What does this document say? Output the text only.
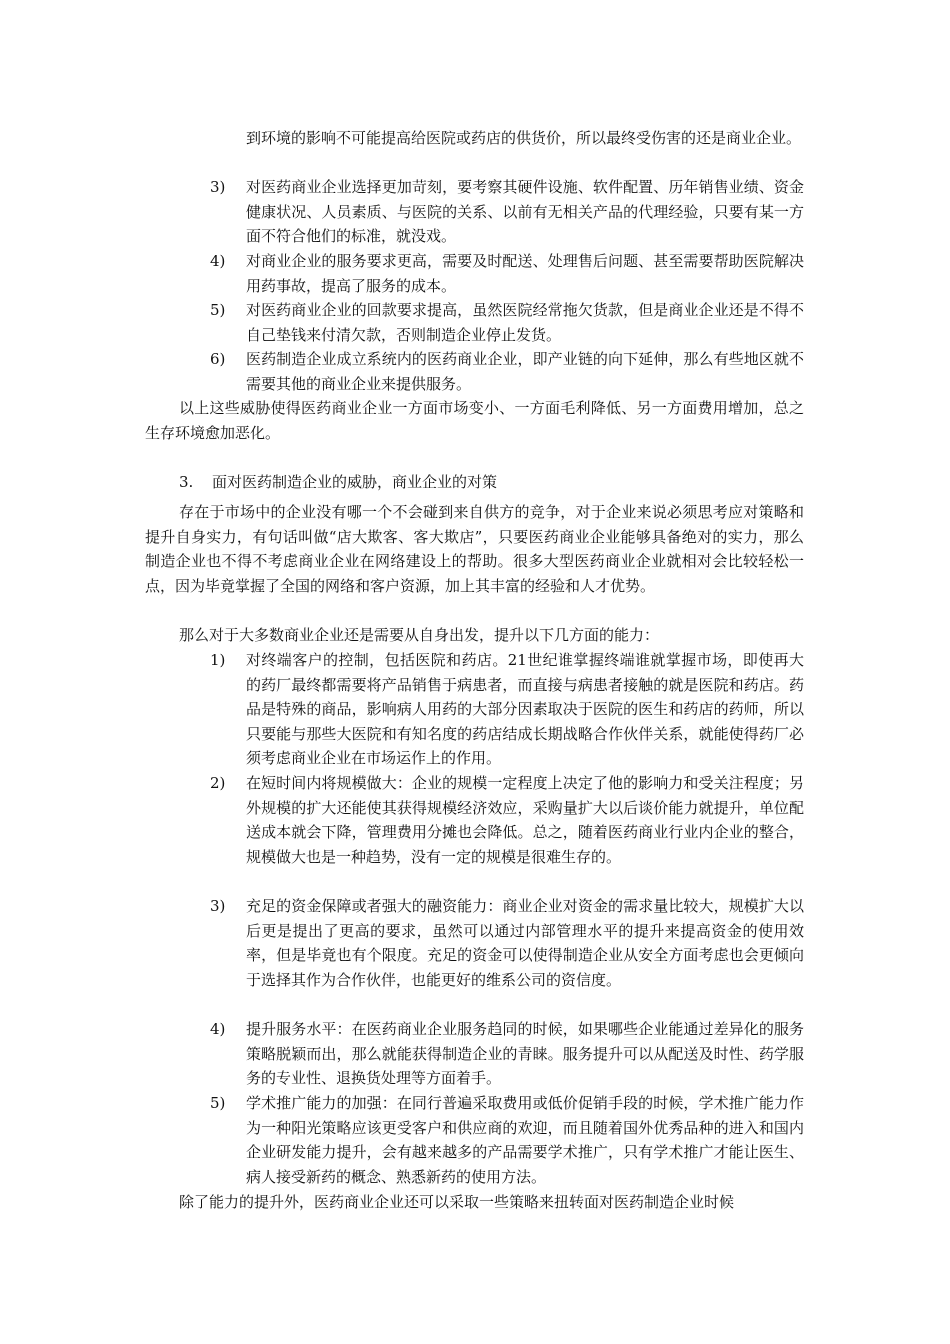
到环境的影响不可能提高给医院或药店的供货价，所以最终受伤害的还是商业企业。
3) 对医药商业企业选择更加苛刻，要考察其硬件设施、软件配置、历年销售业绩、资金健康状况、人员素质、与医院的关系、以前有无相关产品的代理经验，只要有某一方面不符合他们的标准，就没戏。
4) 对商业企业的服务要求更高，需要及时配送、处理售后问题、甚至需要帮助医院解决用药事故，提高了服务的成本。
5) 对医药商业企业的回款要求提高，虽然医院经常拖欠货款，但是商业企业还是不得不自己垫钱来付清欠款，否则制造企业停止发货。
6) 医药制造企业成立系统内的医药商业企业，即产业链的向下延伸，那么有些地区就不需要其他的商业企业来提供服务。
以上这些威胁使得医药商业企业一方面市场变小、一方面毛利降低、另一方面费用增加，总之生存环境愈加恶化。
3. 面对医药制造企业的威胁，商业企业的对策
存在于市场中的企业没有哪一个不会碰到来自供方的竞争，对于企业来说必须思考应对策略和提升自身实力，有句话叫做“店大欺客、客大欺店”，只要医药商业企业能够具备绝对的实力，那么制造企业也不得不考虑商业企业在网络建设上的帮助。很多大型医药商业企业就相对会比较轻松一点，因为毕竟掌握了全国的网络和客户资源，加上其丰富的经验和人才优势。
那么对于大多数商业企业还是需要从自身出发，提升以下几方面的能力：
1) 对终端客户的控制，包括医院和药店。21世纪谁掌握终端谁就掌握市场，即使再大的药厂最终都需要将产品销售于病患者，而直接与病患者接触的就是医院和药店。药品是特殊的商品，影响病人用药的大部分因素取决于医院的医生和药店的药师，所以只要能与那些大医院和有知名度的药店结成长期战略合作伙伴关系，就能使得药厂必须考虑商业企业在市场运作上的作用。
2) 在短时间内将规模做大：企业的规模一定程度上决定了他的影响力和受关注程度；另外规模的扩大还能使其获得规模经济效应，采购量扩大以后谈价能力就提升，单位配送成本就会下降，管理费用分摊也会降低。总之，随着医药商业行业内企业的整合，规模做大也是一种趋势，没有一定的规模是很难生存的。
3) 充足的资金保障或者强大的融资能力：商业企业对资金的需求量比较大，规模扩大以后更是提出了更高的要求，虽然可以通过内部管理水平的提升来提高资金的使用效率，但是毕竟也有个限度。充足的资金可以使得制造企业从安全方面考虑也会更倾向于选择其作为合作伙伴，也能更好的维系公司的资信度。
4) 提升服务水平：在医药商业企业服务趋同的时候，如果哪些企业能通过差异化的服务策略脱颖而出，那么就能获得制造企业的青睐。服务提升可以从配送及时性、药学服务的专业性、退换货处理等方面着手。
5) 学术推广能力的加强：在同行普遍采取费用或低价促销手段的时候，学术推广能力作为一种阳光策略应该更受客户和供应商的欢迎，而且随着国外优秀品种的进入和国内企业研发能力提升，会有越来越多的产品需要学术推广，只有学术推广才能让医生、病人接受新药的概念、熟悉新药的使用方法。
除了能力的提升外，医药商业企业还可以采取一些策略来扭转面对医药制造企业时候
